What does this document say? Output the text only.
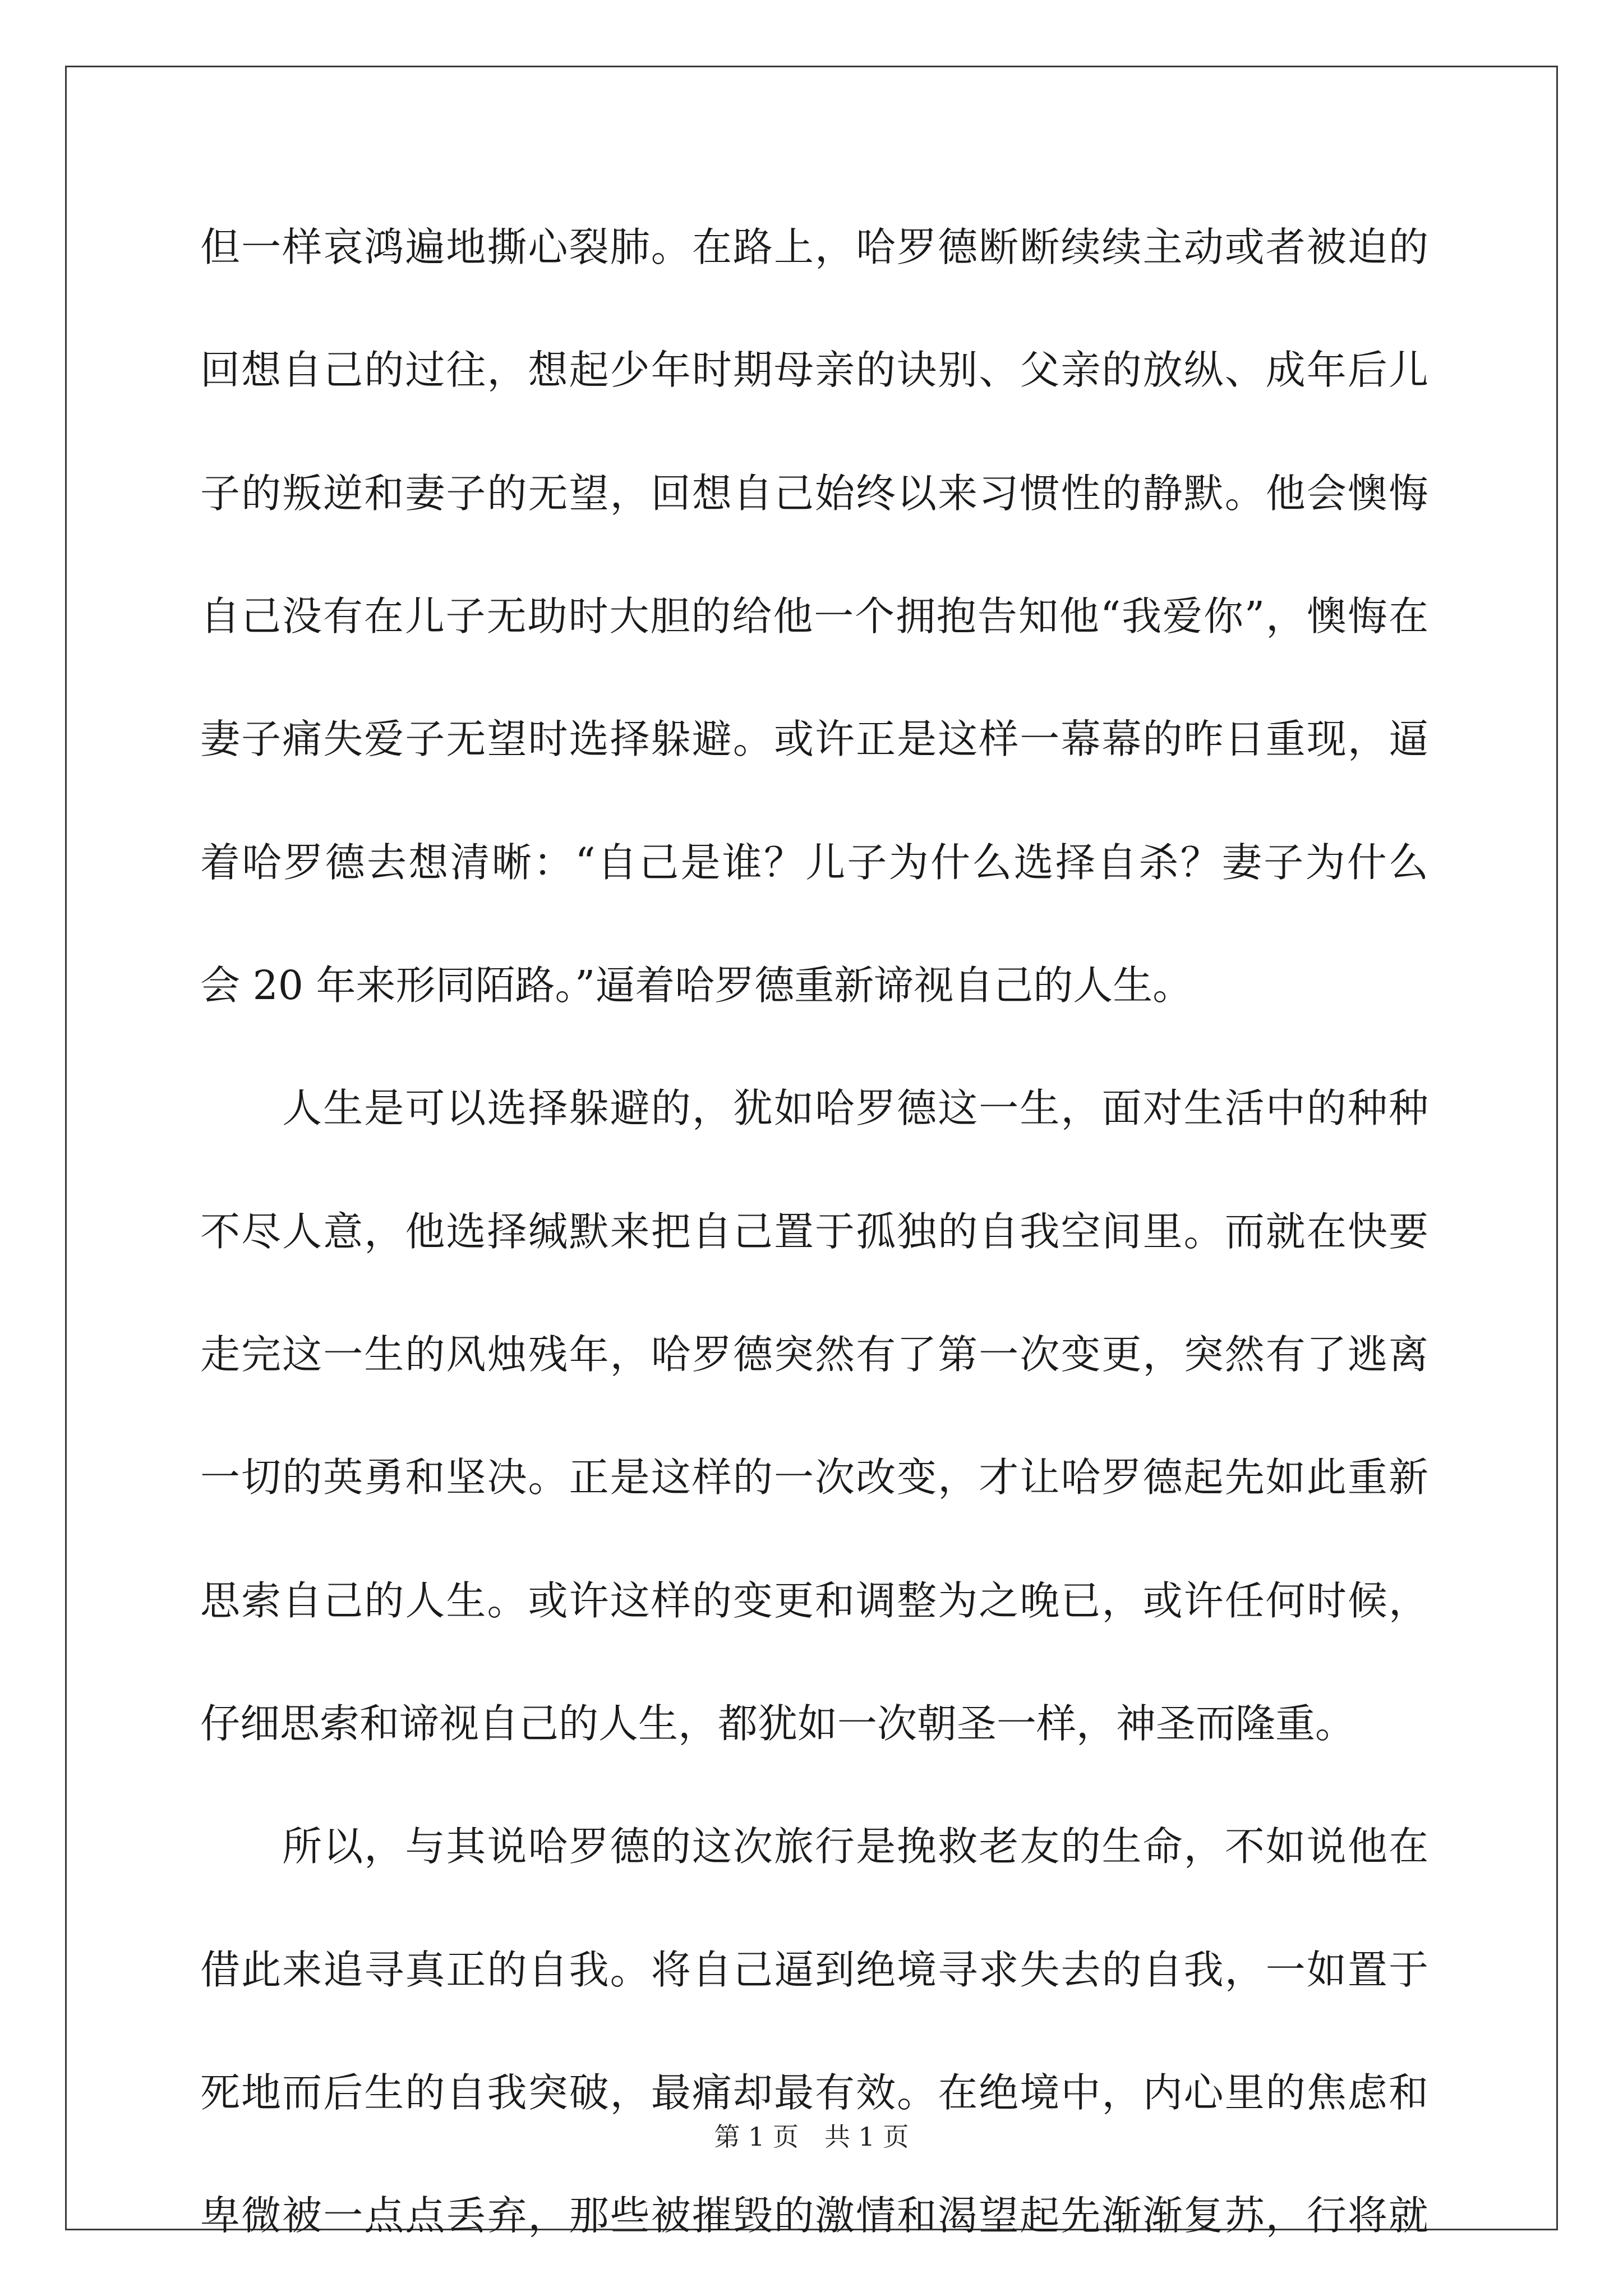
但一样哀鸿遍地撕心裂肺。在路上，哈罗德断断续续主动或者被迫的
回想自己的过往，想起少年时期母亲的诀别、父亲的放纵、成年后儿
子的叛逆和妻子的无望，回想自己始终以来习惯性的静默。他会懊悔
自己没有在儿子无助时大胆的给他一个拥抱告知他“我爱你”，懊悔在
妻子痛失爱子无望时选择躲避。或许正是这样一幕幕的昨日重现，逼
着哈罗德去想清晰：“自己是谁？儿子为什么选择自杀？妻子为什么
会 20 年来形同陌路。”逼着哈罗德重新谛视自己的人生。
　　人生是可以选择躲避的，犹如哈罗德这一生，面对生活中的种种
不尽人意，他选择缄默来把自己置于孤独的自我空间里。而就在快要
走完这一生的风烛残年，哈罗德突然有了第一次变更，突然有了逃离
一切的英勇和坚决。正是这样的一次改变，才让哈罗德起先如此重新
思索自己的人生。或许这样的变更和调整为之晚已，或许任何时候，
仔细思索和谛视自己的人生，都犹如一次朝圣一样，神圣而隆重。
　　所以，与其说哈罗德的这次旅行是挽救老友的生命，不如说他在
借此来追寻真正的自我。将自己逼到绝境寻求失去的自我，一如置于
死地而后生的自我突破，最痛却最有效。在绝境中，内心里的焦虑和
卑微被一点点丢弃，那些被摧毁的激情和渴望起先渐渐复苏，行将就
第 1 页 共 1 页
